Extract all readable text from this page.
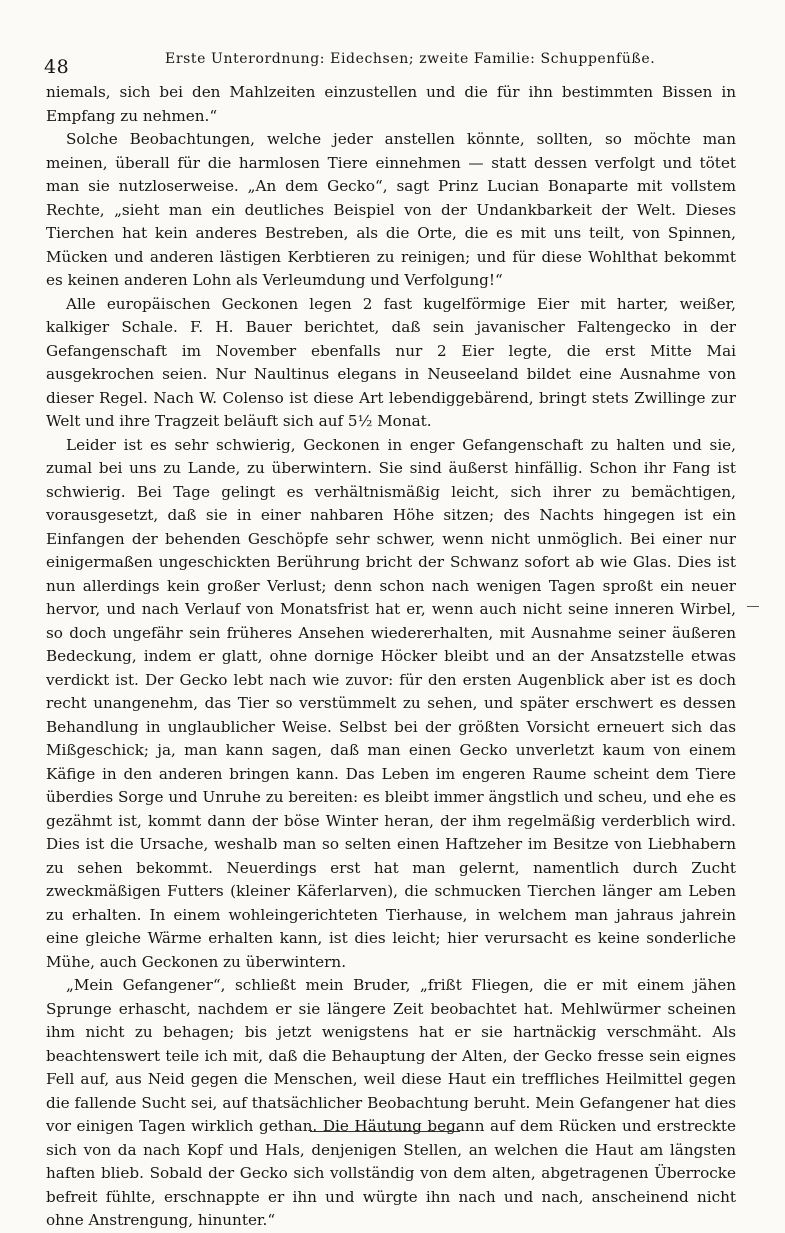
48	Erste Unterordnung: Eidechsen; zweite Familie: Schuppenfüße.

niemals, sich bei den Mahlzeiten einzustellen und die für ihn bestimmten Bissen in Empfang zu nehmen.“

Solche Beobachtungen, welche jeder anstellen könnte, sollten, so möchte man meinen, überall für die harmlosen Tiere einnehmen — statt dessen verfolgt und tötet man sie nutzloserweise. „An dem Gecko“, sagt Prinz Lucian Bonaparte mit vollstem Rechte, „sieht man ein deutliches Beispiel von der Undankbarkeit der Welt. Dieses Tierchen hat kein anderes Bestreben, als die Orte, die es mit uns teilt, von Spinnen, Mücken und anderen lästigen Kerbtieren zu reinigen; und für diese Wohlthat bekommt es keinen anderen Lohn als Verleumdung und Verfolgung!“

Alle europäischen Geckonen legen 2 fast kugelförmige Eier mit harter, weißer, kalkiger Schale. F. H. Bauer berichtet, daß sein javanischer Faltengecko in der Gefangenschaft im November ebenfalls nur 2 Eier legte, die erst Mitte Mai ausgekrochen seien. Nur Naultinus elegans in Neuseeland bildet eine Ausnahme von dieser Regel. Nach W. Colenso ist diese Art lebendiggebärend, bringt stets Zwillinge zur Welt und ihre Tragzeit beläuft sich auf 5½ Monat.

Leider ist es sehr schwierig, Geckonen in enger Gefangenschaft zu halten und sie, zumal bei uns zu Lande, zu überwintern. Sie sind äußerst hinfällig. Schon ihr Fang ist schwierig. Bei Tage gelingt es verhältnismäßig leicht, sich ihrer zu bemächtigen, vorausgesetzt, daß sie in einer nahbaren Höhe sitzen; des Nachts hingegen ist ein Einfangen der behenden Geschöpfe sehr schwer, wenn nicht unmöglich. Bei einer nur einigermaßen ungeschickten Berührung bricht der Schwanz sofort ab wie Glas. Dies ist nun allerdings kein großer Verlust; denn schon nach wenigen Tagen sproßt ein neuer hervor, und nach Verlauf von Monatsfrist hat er, wenn auch nicht seine inneren Wirbel, so doch ungefähr sein früheres Ansehen wiedererhalten, mit Ausnahme seiner äußeren Bedeckung, indem er glatt, ohne dornige Höcker bleibt und an der Ansatzstelle etwas verdickt ist. Der Gecko lebt nach wie zuvor: für den ersten Augenblick aber ist es doch recht unangenehm, das Tier so verstümmelt zu sehen, und später erschwert es dessen Behandlung in unglaublicher Weise. Selbst bei der größten Vorsicht erneuert sich das Mißgeschick; ja, man kann sagen, daß man einen Gecko unverletzt kaum von einem Käfige in den anderen bringen kann. Das Leben im engeren Raume scheint dem Tiere überdies Sorge und Unruhe zu bereiten: es bleibt immer ängstlich und scheu, und ehe es gezähmt ist, kommt dann der böse Winter heran, der ihm regelmäßig verderblich wird. Dies ist die Ursache, weshalb man so selten einen Haftzeher im Besitze von Liebhabern zu sehen bekommt. Neuerdings erst hat man gelernt, namentlich durch Zucht zweckmäßigen Futters (kleiner Käferlarven), die schmucken Tierchen länger am Leben zu erhalten. In einem wohleingerichteten Tierhause, in welchem man jahraus jahrein eine gleiche Wärme erhalten kann, ist dies leicht; hier verursacht es keine sonderliche Mühe, auch Geckonen zu überwintern.

„Mein Gefangener“, schließt mein Bruder, „frißt Fliegen, die er mit einem jähen Sprunge erhascht, nachdem er sie längere Zeit beobachtet hat. Mehlwürmer scheinen ihm nicht zu behagen; bis jetzt wenigstens hat er sie hartnäckig verschmäht. Als beachtenswert teile ich mit, daß die Behauptung der Alten, der Gecko fresse sein eignes Fell auf, aus Neid gegen die Menschen, weil diese Haut ein treffliches Heilmittel gegen die fallende Sucht sei, auf thatsächlicher Beobachtung beruht. Mein Gefangener hat dies vor einigen Tagen wirklich gethan. Die Häutung begann auf dem Rücken und erstreckte sich von da nach Kopf und Hals, denjenigen Stellen, an welchen die Haut am längsten haften blieb. Sobald der Gecko sich vollständig von dem alten, abgetragenen Überrocke befreit fühlte, erschnappte er ihn und würgte ihn nach und nach, anscheinend nicht ohne Anstrengung, hinunter.“
